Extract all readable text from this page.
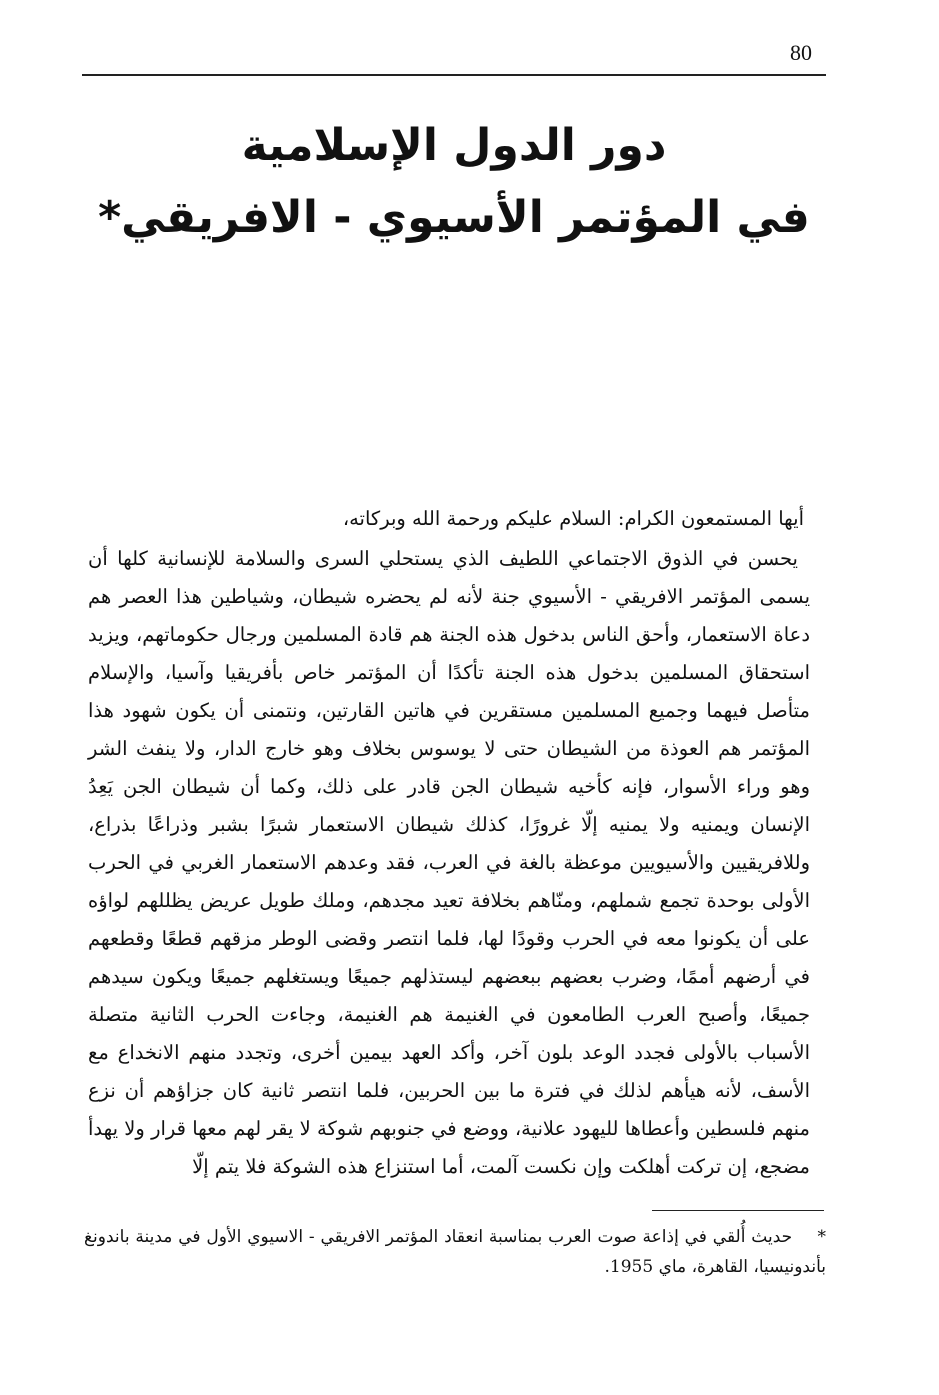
80
دور الدول الإسلامية
في المؤتمر الأسيوي - الافريقي*

أيها المستمعون الكرام: السلام عليكم ورحمة الله وبركاته،

يحسن في الذوق الاجتماعي اللطيف الذي يستحلي السرى والسلامة للإنسانية كلها أن يسمى المؤتمر الافريقي - الأسيوي جنة لأنه لم يحضره شيطان، وشياطين هذا العصر هم دعاة الاستعمار، وأحق الناس بدخول هذه الجنة هم قادة المسلمين ورجال حكوماتهم، ويزيد استحقاق المسلمين بدخول هذه الجنة تأكدًا أن المؤتمر خاص بأفريقيا وآسيا، والإسلام متأصل فيهما وجميع المسلمين مستقرين في هاتين القارتين، ونتمنى أن يكون شهود هذا المؤتمر هم العوذة من الشيطان حتى لا يوسوس بخلاف وهو خارج الدار، ولا ينفث الشر وهو وراء الأسوار، فإنه كأخيه شيطان الجن قادر على ذلك، وكما أن شيطان الجن يَعِدُ الإنسان ويمنيه ولا يمنيه إلّا غرورًا، كذلك شيطان الاستعمار شبرًا بشبر وذراعًا بذراع، وللافريقيين والأسيويين موعظة بالغة في العرب، فقد وعدهم الاستعمار الغربي في الحرب الأولى بوحدة تجمع شملهم، ومنّاهم بخلافة تعيد مجدهم، وملك طويل عريض يظللهم لواؤه على أن يكونوا معه في الحرب وقودًا لها، فلما انتصر وقضى الوطر مزقهم قطعًا وقطعهم في أرضهم أممًا، وضرب بعضهم ببعضهم ليستذلهم جميعًا ويستغلهم جميعًا ويكون سيدهم جميعًا، وأصبح العرب الطامعون في الغنيمة هم الغنيمة، وجاءت الحرب الثانية متصلة الأسباب بالأولى فجدد الوعد بلون آخر، وأكد العهد بيمين أخرى، وتجدد منهم الانخداع مع الأسف، لأنه هيأهم لذلك في فترة ما بين الحربين، فلما انتصر ثانية كان جزاؤهم أن نزع منهم فلسطين وأعطاها لليهود علانية، ووضع في جنوبهم شوكة لا يقر لهم معها قرار ولا يهدأ مضجع، إن تركت أهلكت وإن نكست آلمت، أما استنزاع هذه الشوكة فلا يتم إلّا

* حديث أُلقي في إذاعة صوت العرب بمناسبة انعقاد المؤتمر الافريقي - الاسيوي الأول في مدينة باندونغ بأندونيسيا، القاهرة، ماي 1955.
